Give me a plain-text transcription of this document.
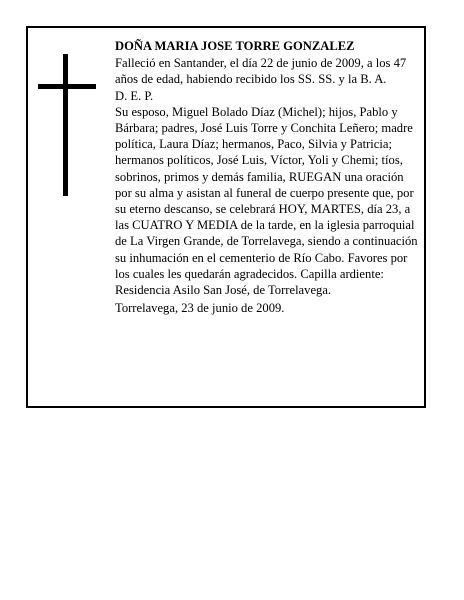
DOÑA MARIA JOSE TORRE GONZALEZ

Falleció en Santander, el día 22 de junio de 2009, a los 47 años de edad, habiendo recibido los SS. SS. y la B. A.

D. E. P.

Su esposo, Miguel Bolado Díaz (Michel); hijos, Pablo y Bárbara; padres, José Luis Torre y Conchita Leñero; madre política, Laura Díaz; hermanos, Paco, Silvia y Patricia; hermanos políticos, José Luis, Víctor, Yoli y Chemi; tíos, sobrinos, primos y demás familia, RUEGAN una oración por su alma y asistan al funeral de cuerpo presente que, por su eterno descanso, se celebrará HOY, MARTES, día 23, a las CUATRO Y MEDIA de la tarde, en la iglesia parroquial de La Virgen Grande, de Torrelavega, siendo a continuación su inhumación en el cementerio de Río Cabo. Favores por los cuales les quedarán agradecidos. Capilla ardiente: Residencia Asilo San José, de Torrelavega.

Torrelavega, 23 de junio de 2009.
